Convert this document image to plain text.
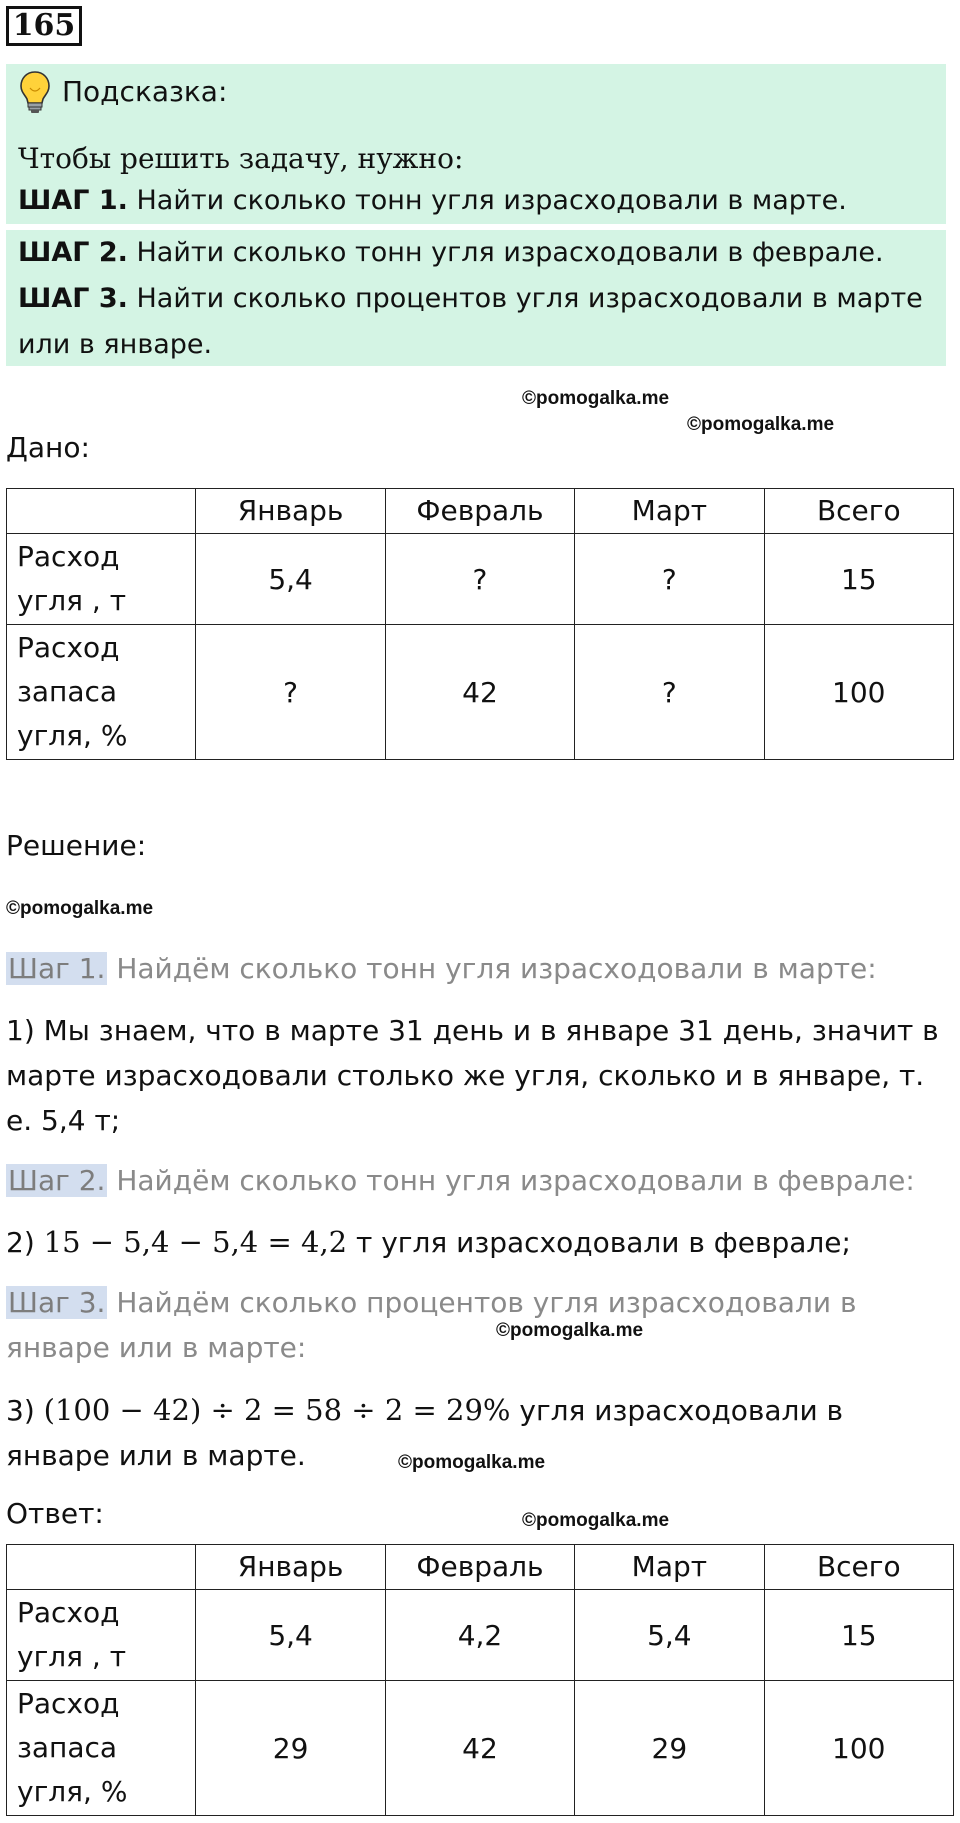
165
Подсказка:
Чтобы решить задачу, нужно:
ШАГ 1. Найти сколько тонн угля израсходовали в марте.
ШАГ 2. Найти сколько тонн угля израсходовали в феврале.
ШАГ 3. Найти сколько процентов угля израсходовали в марте или в январе.
©pomogalka.me
©pomogalka.me
©pomogalka.me
©pomogalka.me
©pomogalka.me
©pomogalka.me
Дано:
	Январь	Февраль	Март	Всего

Расход
угля , т	5,4	?	?	15

Расход
запаса
угля, %	?	42	?	100
Решение:
Шаг 1. Найдём сколько тонн угля израсходовали в марте:
1) Мы знаем, что в марте 31 день и в январе 31 день, значит в марте израсходовали столько же угля, сколько и в январе, т. е. 5,4 т;
Шаг 2. Найдём сколько тонн угля израсходовали в феврале:
2) 15 − 5,4 − 5,4 = 4,2 т угля израсходовали в феврале;
Шаг 3. Найдём сколько процентов угля израсходовали в январе или в марте:
3) (100 − 42) ÷ 2 = 58 ÷ 2 = 29% угля израсходовали в январе или в марте.
Ответ:
	Январь	Февраль	Март	Всего

Расход
угля , т	5,4	4,2	5,4	15

Расход
запаса
угля, %	29	42	29	100
